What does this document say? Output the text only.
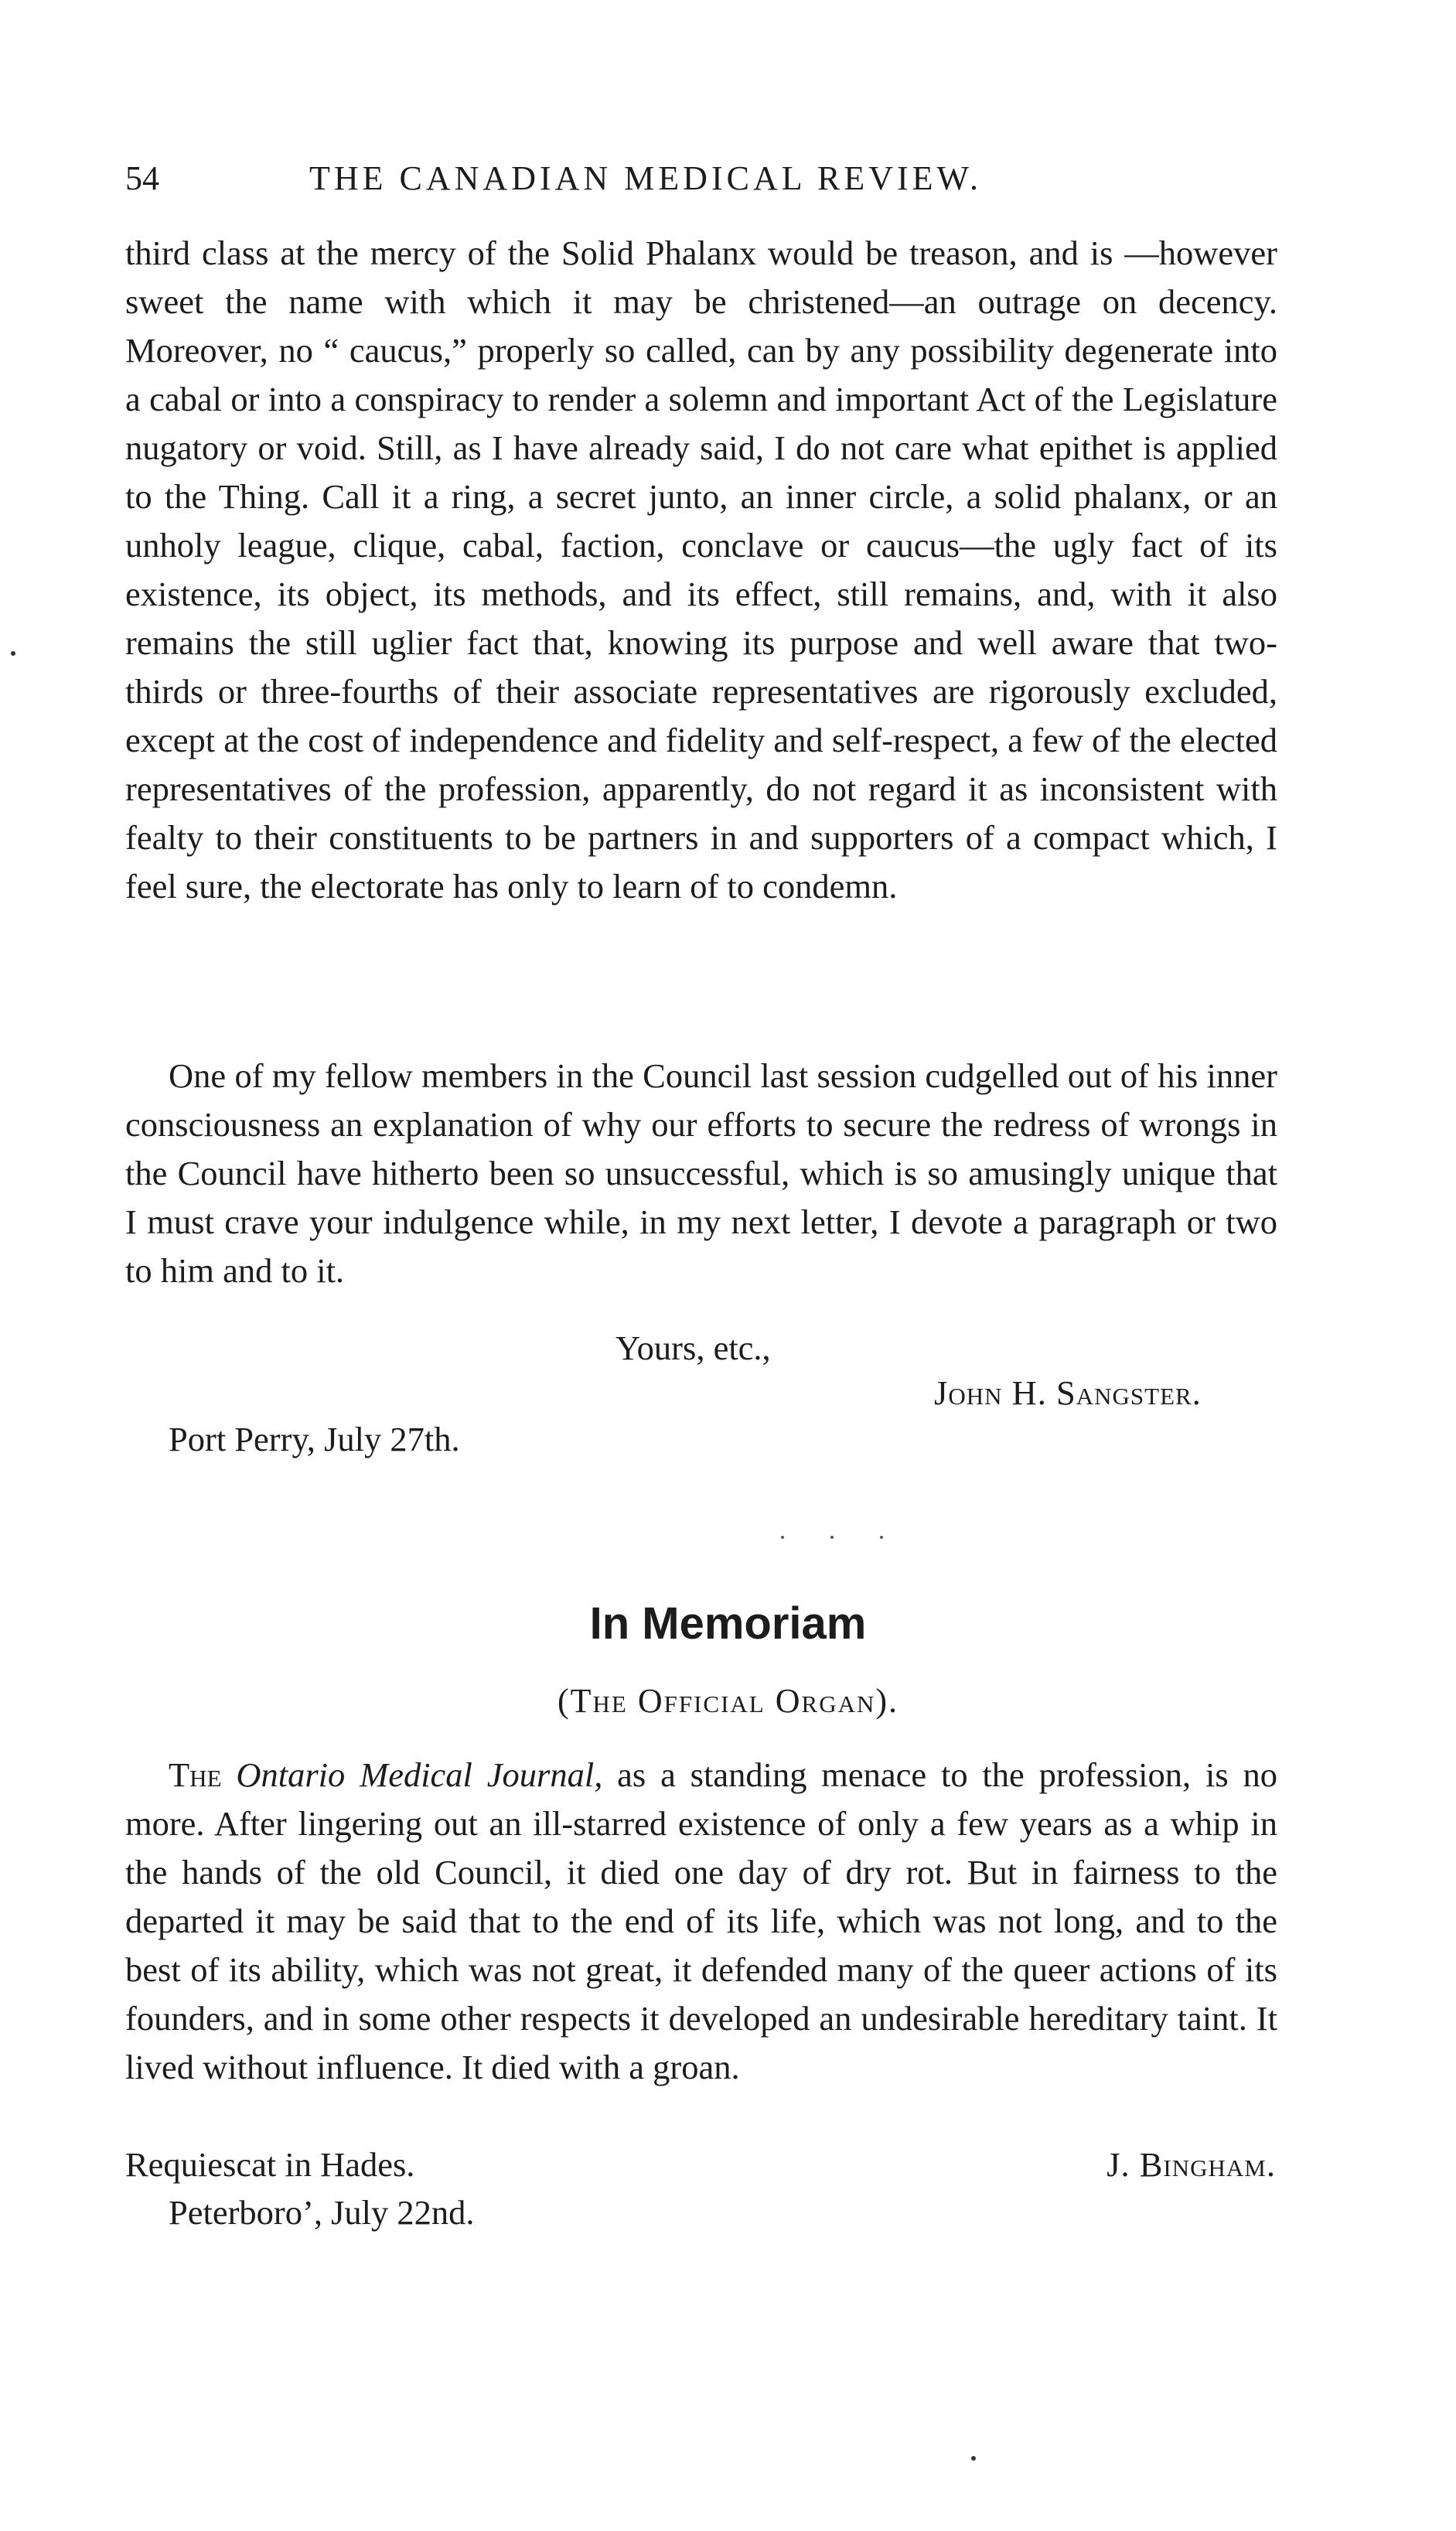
54	THE CANADIAN MEDICAL REVIEW.

third class at the mercy of the Solid Phalanx would be treason, and is —however sweet the name with which it may be christened—an outrage on decency. Moreover, no “ caucus,” properly so called, can by any possibility degenerate into a cabal or into a conspiracy to render a solemn and important Act of the Legislature nugatory or void. Still, as I have already said, I do not care what epithet is applied to the Thing. Call it a ring, a secret junto, an inner circle, a solid phalanx, or an unholy league, clique, cabal, faction, conclave or caucus—the ugly fact of its existence, its object, its methods, and its effect, still remains, and, with it also remains the still uglier fact that, knowing its purpose and well aware that two-thirds or three-fourths of their associate representatives are rigorously excluded, except at the cost of independence and fidelity and self-respect, a few of the elected representatives of the profession, apparently, do not regard it as inconsistent with fealty to their constituents to be partners in and supporters of a compact which, I feel sure, the electorate has only to learn of to condemn.

One of my fellow members in the Council last session cudgelled out of his inner consciousness an explanation of why our efforts to secure the redress of wrongs in the Council have hitherto been so unsuccessful, which is so amusingly unique that I must crave your indulgence while, in my next letter, I devote a paragraph or two to him and to it.

Yours, etc.,
John H. Sangster.
Port Perry, July 27th.
In Memoriam
(The Official Organ).

The Ontario Medical Journal, as a standing menace to the profession, is no more. After lingering out an ill-starred existence of only a few years as a whip in the hands of the old Council, it died one day of dry rot. But in fairness to the departed it may be said that to the end of its life, which was not long, and to the best of its ability, which was not great, it defended many of the queer actions of its founders, and in some other respects it developed an undesirable hereditary taint. It lived without influence. It died with a groan.

Requiescat in Hades.	J. Bingham.
Peterboro’, July 22nd.
